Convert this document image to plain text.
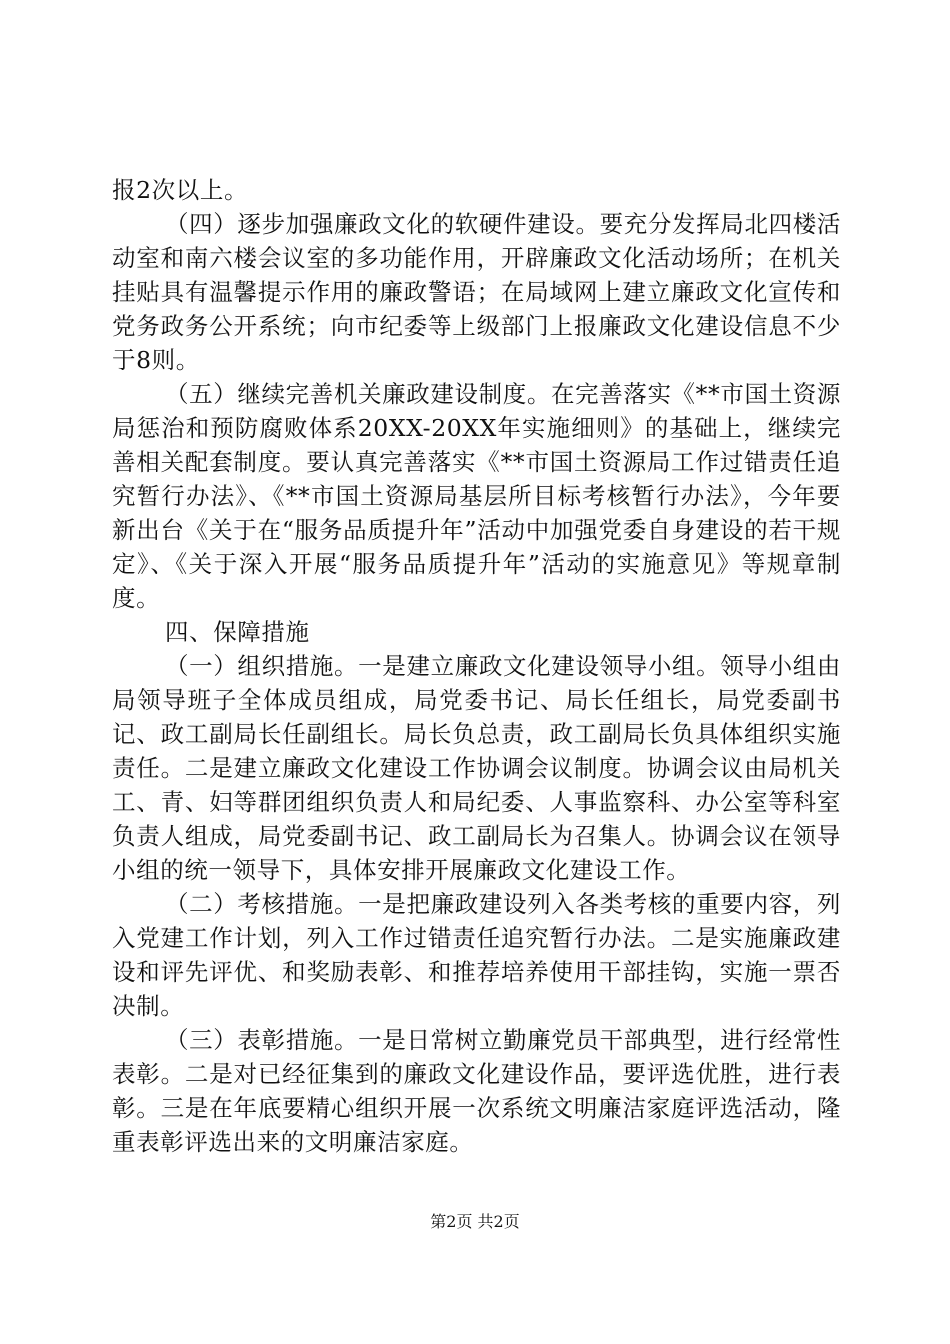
报2次以上。

（四）逐步加强廉政文化的软硬件建设。要充分发挥局北四楼活动室和南六楼会议室的多功能作用，开辟廉政文化活动场所；在机关挂贴具有温馨提示作用的廉政警语；在局域网上建立廉政文化宣传和党务政务公开系统；向市纪委等上级部门上报廉政文化建设信息不少于8则。

（五）继续完善机关廉政建设制度。在完善落实《**市国土资源局惩治和预防腐败体系20XX-20XX年实施细则》的基础上，继续完善相关配套制度。要认真完善落实《**市国土资源局工作过错责任追究暂行办法》、《**市国土资源局基层所目标考核暂行办法》，今年要新出台《关于在“服务品质提升年”活动中加强党委自身建设的若干规定》、《关于深入开展“服务品质提升年”活动的实施意见》等规章制度。

四、保障措施

（一）组织措施。一是建立廉政文化建设领导小组。领导小组由局领导班子全体成员组成，局党委书记、局长任组长，局党委副书记、政工副局长任副组长。局长负总责，政工副局长负具体组织实施责任。二是建立廉政文化建设工作协调会议制度。协调会议由局机关工、青、妇等群团组织负责人和局纪委、人事监察科、办公室等科室负责人组成，局党委副书记、政工副局长为召集人。协调会议在领导小组的统一领导下，具体安排开展廉政文化建设工作。

（二）考核措施。一是把廉政建设列入各类考核的重要内容，列入党建工作计划，列入工作过错责任追究暂行办法。二是实施廉政建设和评先评优、和奖励表彰、和推荐培养使用干部挂钩，实施一票否决制。

（三）表彰措施。一是日常树立勤廉党员干部典型，进行经常性表彰。二是对已经征集到的廉政文化建设作品，要评选优胜，进行表彰。三是在年底要精心组织开展一次系统文明廉洁家庭评选活动，隆重表彰评选出来的文明廉洁家庭。

第2页 共2页
